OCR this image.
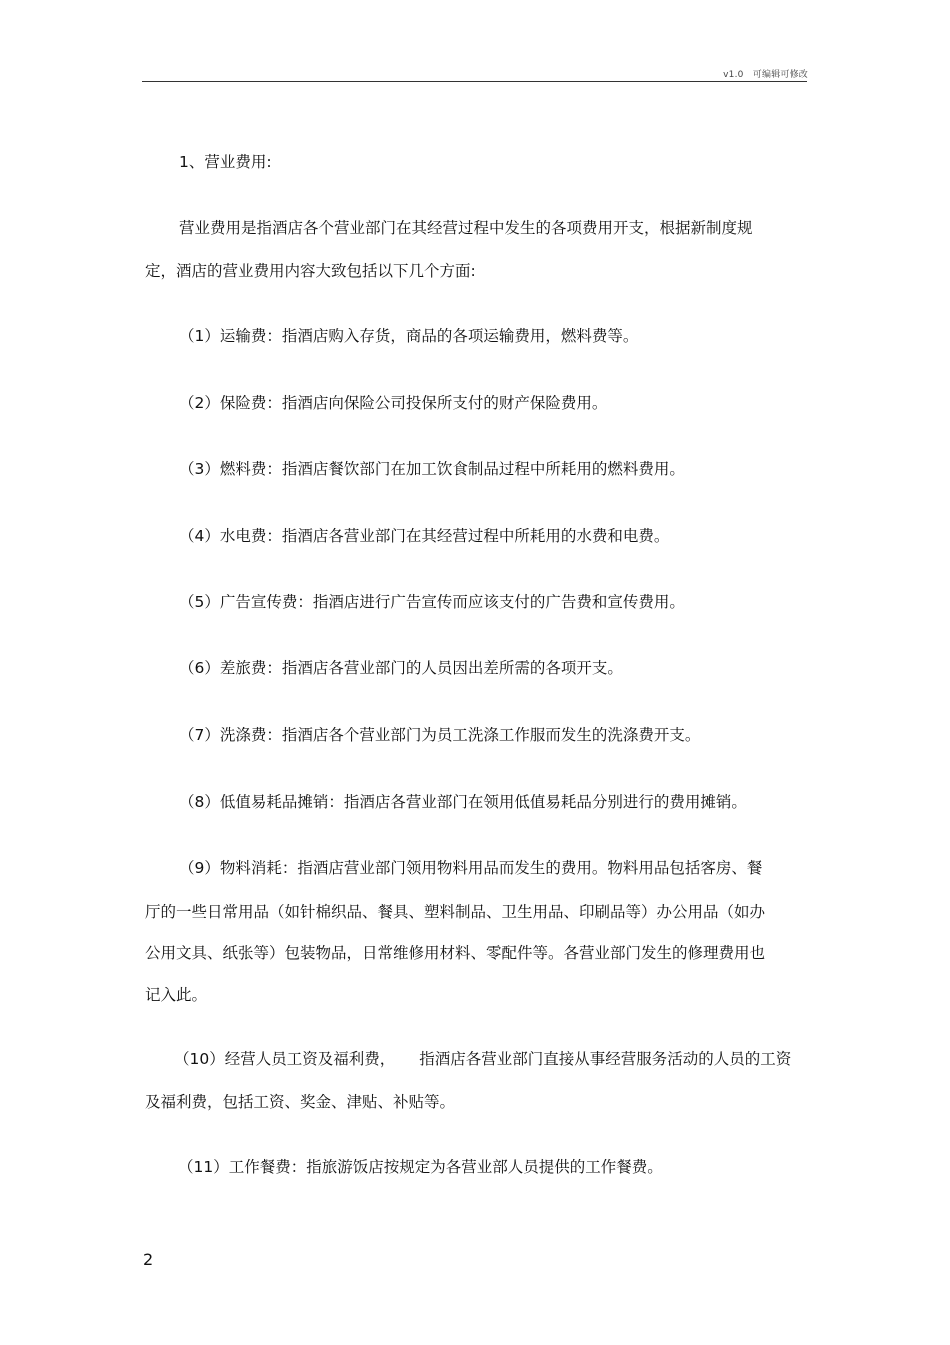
v1.0　可编辑可修改
1、营业费用:
营业费用是指酒店各个营业部门在其经营过程中发生的各项费用开支，根据新制度规
定，酒店的营业费用内容大致包括以下几个方面:
（1）运输费：指酒店购入存货，商品的各项运输费用，燃料费等。
（2）保险费：指酒店向保险公司投保所支付的财产保险费用。
（3）燃料费：指酒店餐饮部门在加工饮食制品过程中所耗用的燃料费用。
（4）水电费：指酒店各营业部门在其经营过程中所耗用的水费和电费。
（5）广告宣传费：指酒店进行广告宣传而应该支付的广告费和宣传费用。
（6）差旅费：指酒店各营业部门的人员因出差所需的各项开支。
（7）洗涤费：指酒店各个营业部门为员工洗涤工作服而发生的洗涤费开支。
（8）低值易耗品摊销：指酒店各营业部门在领用低值易耗品分别进行的费用摊销。
（9）物料消耗：指酒店营业部门领用物料用品而发生的费用。物料用品包括客房、餐
厅的一些日常用品（如针棉织品、餐具、塑料制品、卫生用品、印刷品等）办公用品（如办
公用文具、纸张等）包装物品，日常维修用材料、零配件等。各营业部门发生的修理费用也
记入此。
（10）经营人员工资及福利费， 指酒店各营业部门直接从事经营服务活动的人员的工资
及福利费，包括工资、奖金、津贴、补贴等。
（11）工作餐费：指旅游饭店按规定为各营业部人员提供的工作餐费。
2
